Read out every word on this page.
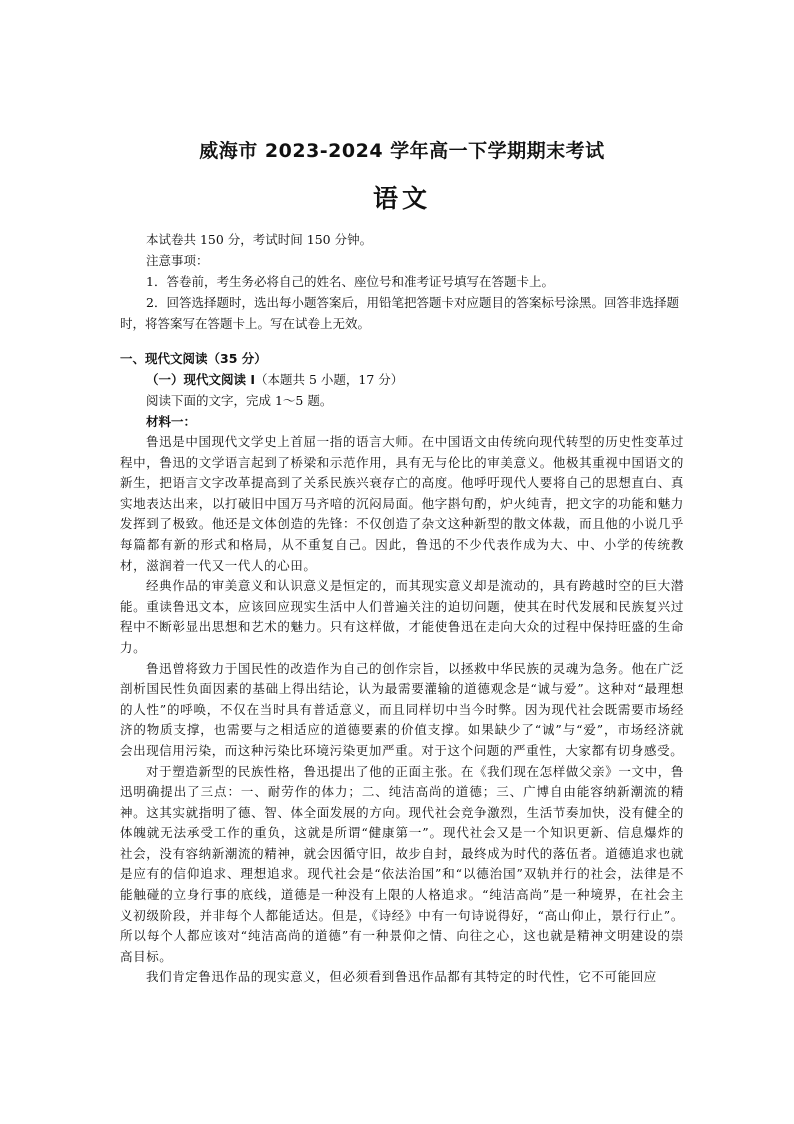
威海市 2023-2024 学年高一下学期期末考试
语文

本试卷共 150 分，考试时间 150 分钟。

注意事项：

1．答卷前，考生务必将自己的姓名、座位号和准考证号填写在答题卡上。

2．回答选择题时，选出每小题答案后，用铅笔把答题卡对应题目的答案标号涂黑。回答非选择题时，将答案写在答题卡上。写在试卷上无效。

一、现代文阅读（35 分）
（一）现代文阅读 I（本题共 5 小题，17 分）
阅读下面的文字，完成 1～5 题。
材料一：

鲁迅是中国现代文学史上首屈一指的语言大师。在中国语文由传统向现代转型的历史性变革过程中，鲁迅的文学语言起到了桥梁和示范作用，具有无与伦比的审美意义。他极其重视中国语文的新生，把语言文字改革提高到了关系民族兴衰存亡的高度。他呼吁现代人要将自己的思想直白、真实地表达出来，以打破旧中国万马齐喑的沉闷局面。他字斟句酌，炉火纯青，把文字的功能和魅力发挥到了极致。他还是文体创造的先锋：不仅创造了杂文这种新型的散文体裁，而且他的小说几乎每篇都有新的形式和格局，从不重复自己。因此，鲁迅的不少代表作成为大、中、小学的传统教材，滋润着一代又一代人的心田。

经典作品的审美意义和认识意义是恒定的，而其现实意义却是流动的，具有跨越时空的巨大潜能。重读鲁迅文本，应该回应现实生活中人们普遍关注的迫切问题，使其在时代发展和民族复兴过程中不断彰显出思想和艺术的魅力。只有这样做，才能使鲁迅在走向大众的过程中保持旺盛的生命力。

鲁迅曾将致力于国民性的改造作为自己的创作宗旨，以拯救中华民族的灵魂为急务。他在广泛剖析国民性负面因素的基础上得出结论，认为最需要灌输的道德观念是“诚与爱”。这种对“最理想的人性”的呼唤，不仅在当时具有普适意义，而且同样切中当今时弊。因为现代社会既需要市场经济的物质支撑，也需要与之相适应的道德要素的价值支撑。如果缺少了“诚”与“爱”，市场经济就会出现信用污染，而这种污染比环境污染更加严重。对于这个问题的严重性，大家都有切身感受。

对于塑造新型的民族性格，鲁迅提出了他的正面主张。在《我们现在怎样做父亲》一文中，鲁迅明确提出了三点：一、耐劳作的体力；二、纯洁高尚的道德；三、广博自由能容纳新潮流的精神。这其实就指明了德、智、体全面发展的方向。现代社会竞争激烈，生活节奏加快，没有健全的体魄就无法承受工作的重负，这就是所谓“健康第一”。现代社会又是一个知识更新、信息爆炸的社会，没有容纳新潮流的精神，就会因循守旧，故步自封，最终成为时代的落伍者。道德追求也就是应有的信仰追求、理想追求。现代社会是“依法治国”和“以德治国”双轨并行的社会，法律是不能触碰的立身行事的底线，道德是一种没有上限的人格追求。“纯洁高尚”是一种境界，在社会主义初级阶段，并非每个人都能适达。但是，《诗经》中有一句诗说得好，“高山仰止，景行行止”。所以每个人都应该对“纯洁高尚的道德”有一种景仰之情、向往之心，这也就是精神文明建设的崇高目标。

我们肯定鲁迅作品的现实意义，但必须看到鲁迅作品都有其特定的时代性，它不可能回应
